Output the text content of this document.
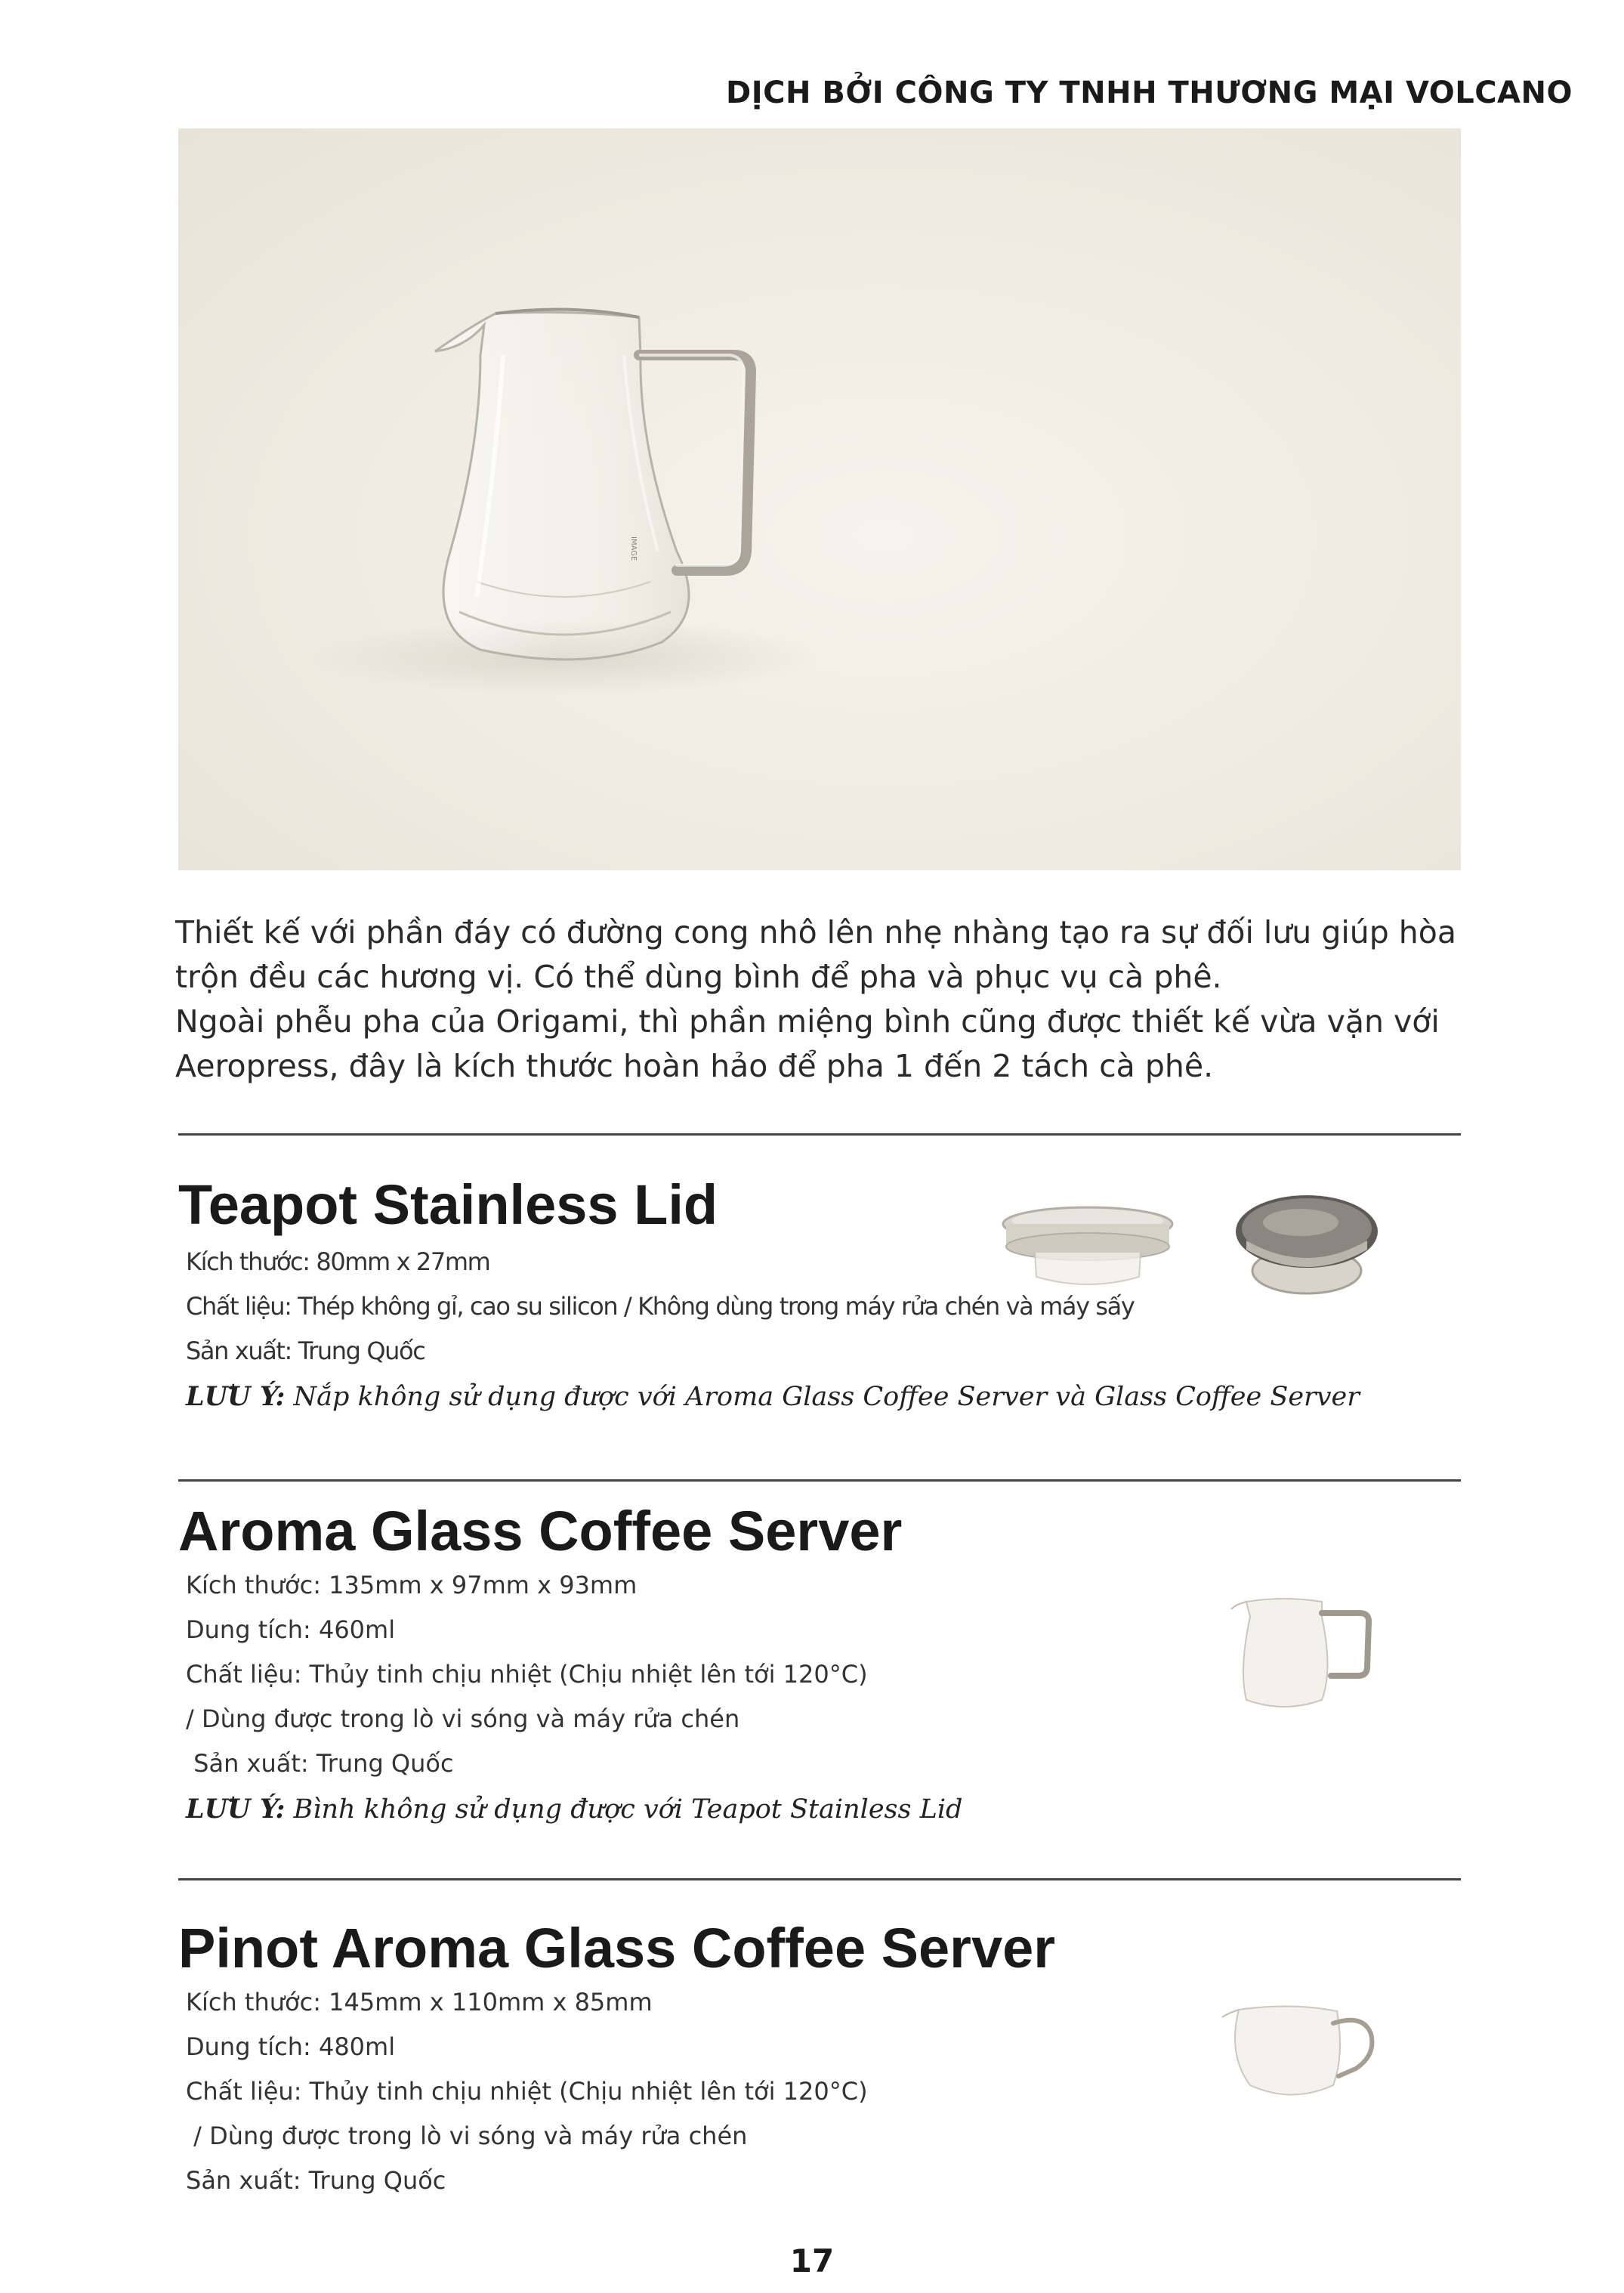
DỊCH BỞI CÔNG TY TNHH THƯƠNG MẠI VOLCANO
IMAGE

Thiết kế với phần đáy có đường cong nhô lên nhẹ nhàng tạo ra sự đối lưu giúp hòa

trộn đều các hương vị. Có thể dùng bình để pha và phục vụ cà phê.

Ngoài phễu pha của Origami, thì phần miệng bình cũng được thiết kế vừa vặn với

Aeropress, đây là kích thước hoàn hảo để pha 1 đến 2 tách cà phê.

Teapot Stainless Lid

Kích thước: 80mm x 27mm

Chất liệu: Thép không gỉ, cao su silicon / Không dùng trong máy rửa chén và máy sấy

Sản xuất: Trung Quốc

LƯU Ý: Nắp không sử dụng được với Aroma Glass Coffee Server và Glass Coffee Server

Aroma Glass Coffee Server

Kích thước: 135mm x 97mm x 93mm

Dung tích: 460ml

Chất liệu: Thủy tinh chịu nhiệt (Chịu nhiệt lên tới 120°C)

/ Dùng được trong lò vi sóng và máy rửa chén

Sản xuất: Trung Quốc

LƯU Ý: Bình không sử dụng được với Teapot Stainless Lid

Pinot Aroma Glass Coffee Server

Kích thước: 145mm x 110mm x 85mm

Dung tích: 480ml

Chất liệu: Thủy tinh chịu nhiệt (Chịu nhiệt lên tới 120°C)

/ Dùng được trong lò vi sóng và máy rửa chén

Sản xuất: Trung Quốc

17
